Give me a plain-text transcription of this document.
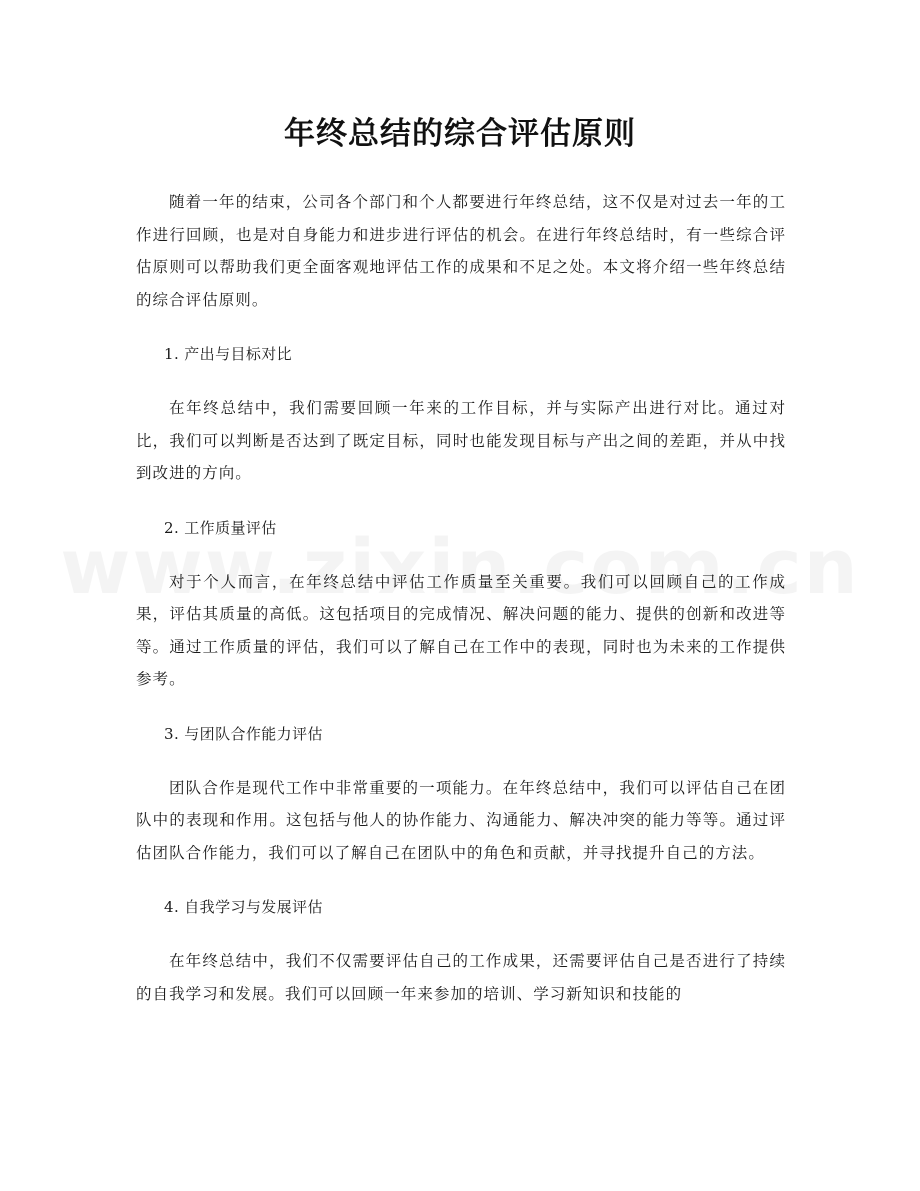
年终总结的综合评估原则

随着一年的结束，公司各个部门和个人都要进行年终总结，这不仅是对过去一年的工作进行回顾，也是对自身能力和进步进行评估的机会。在进行年终总结时，有一些综合评估原则可以帮助我们更全面客观地评估工作的成果和不足之处。本文将介绍一些年终总结的综合评估原则。

1. 产出与目标对比

在年终总结中，我们需要回顾一年来的工作目标，并与实际产出进行对比。通过对比，我们可以判断是否达到了既定目标，同时也能发现目标与产出之间的差距，并从中找到改进的方向。

2. 工作质量评估

对于个人而言，在年终总结中评估工作质量至关重要。我们可以回顾自己的工作成果，评估其质量的高低。这包括项目的完成情况、解决问题的能力、提供的创新和改进等等。通过工作质量的评估，我们可以了解自己在工作中的表现，同时也为未来的工作提供参考。

3. 与团队合作能力评估

团队合作是现代工作中非常重要的一项能力。在年终总结中，我们可以评估自己在团队中的表现和作用。这包括与他人的协作能力、沟通能力、解决冲突的能力等等。通过评估团队合作能力，我们可以了解自己在团队中的角色和贡献，并寻找提升自己的方法。

4. 自我学习与发展评估

在年终总结中，我们不仅需要评估自己的工作成果，还需要评估自己是否进行了持续的自我学习和发展。我们可以回顾一年来参加的培训、学习新知识和技能的
